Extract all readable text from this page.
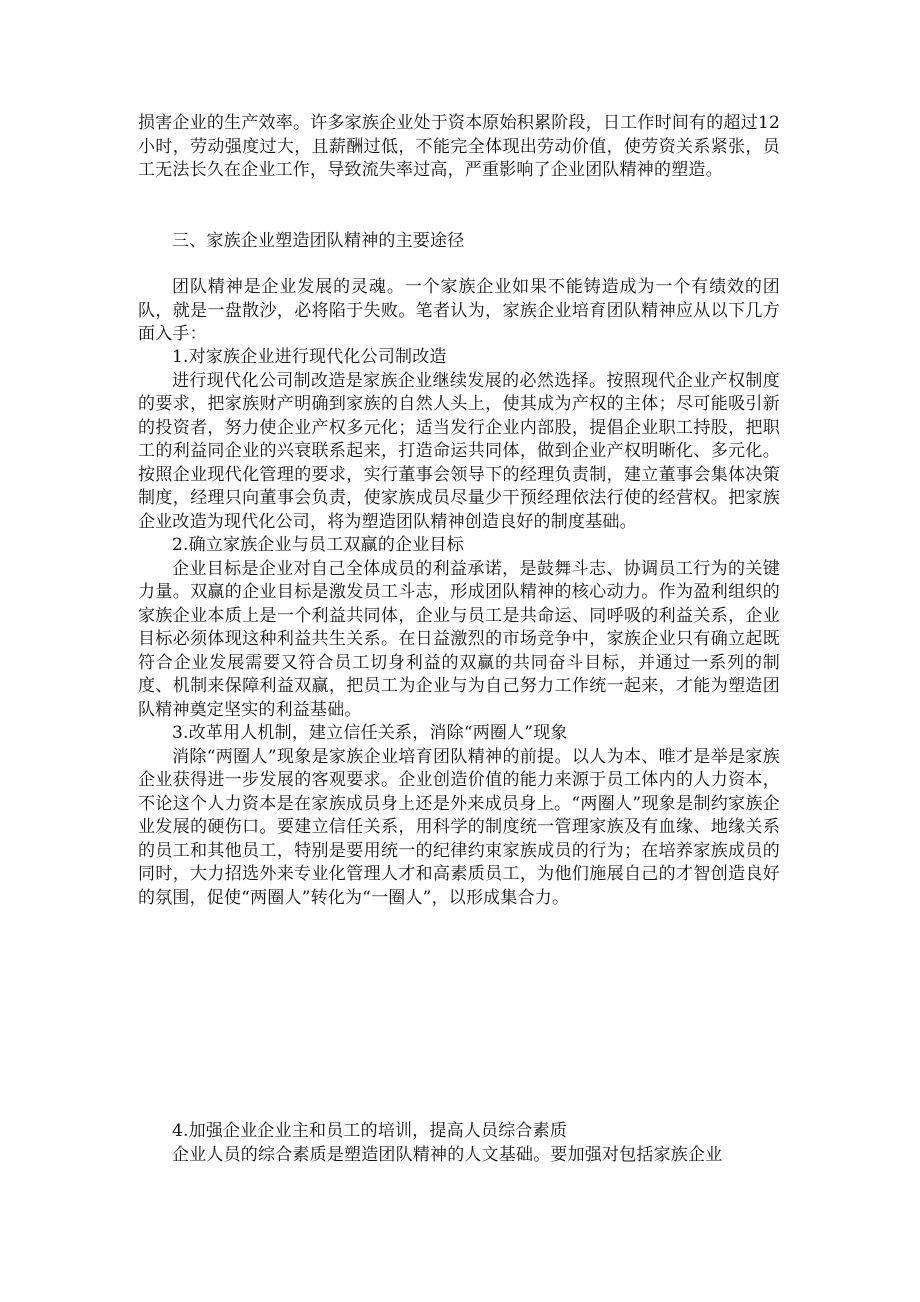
损害企业的生产效率。许多家族企业处于资本原始积累阶段，日工作时间有的超过12小时，劳动强度过大，且薪酬过低，不能完全体现出劳动价值，使劳资关系紧张，员工无法长久在企业工作，导致流失率过高，严重影响了企业团队精神的塑造。

三、家族企业塑造团队精神的主要途径

团队精神是企业发展的灵魂。一个家族企业如果不能铸造成为一个有绩效的团队，就是一盘散沙，必将陷于失败。笔者认为，家族企业培育团队精神应从以下几方面入手：

1.对家族企业进行现代化公司制改造

进行现代化公司制改造是家族企业继续发展的必然选择。按照现代企业产权制度的要求，把家族财产明确到家族的自然人头上，使其成为产权的主体；尽可能吸引新的投资者，努力使企业产权多元化；适当发行企业内部股，提倡企业职工持股，把职工的利益同企业的兴衰联系起来，打造命运共同体，做到企业产权明晰化、多元化。按照企业现代化管理的要求，实行董事会领导下的经理负责制，建立董事会集体决策制度，经理只向董事会负责，使家族成员尽量少干预经理依法行使的经营权。把家族企业改造为现代化公司，将为塑造团队精神创造良好的制度基础。

2.确立家族企业与员工双赢的企业目标

企业目标是企业对自己全体成员的利益承诺，是鼓舞斗志、协调员工行为的关键力量。双赢的企业目标是激发员工斗志，形成团队精神的核心动力。作为盈利组织的家族企业本质上是一个利益共同体，企业与员工是共命运、同呼吸的利益关系，企业目标必须体现这种利益共生关系。在日益激烈的市场竞争中，家族企业只有确立起既符合企业发展需要又符合员工切身利益的双赢的共同奋斗目标，并通过一系列的制度、机制来保障利益双赢，把员工为企业与为自己努力工作统一起来，才能为塑造团队精神奠定坚实的利益基础。

3.改革用人机制，建立信任关系，消除“两圈人”现象

消除“两圈人”现象是家族企业培育团队精神的前提。以人为本、唯才是举是家族企业获得进一步发展的客观要求。企业创造价值的能力来源于员工体内的人力资本，不论这个人力资本是在家族成员身上还是外来成员身上。“两圈人”现象是制约家族企业发展的硬伤口。要建立信任关系，用科学的制度统一管理家族及有血缘、地缘关系的员工和其他员工，特别是要用统一的纪律约束家族成员的行为；在培养家族成员的同时，大力招选外来专业化管理人才和高素质员工，为他们施展自己的才智创造良好的氛围，促使“两圈人”转化为“一圈人”，以形成集合力。

4.加强企业企业主和员工的培训，提高人员综合素质

企业人员的综合素质是塑造团队精神的人文基础。要加强对包括家族企业
